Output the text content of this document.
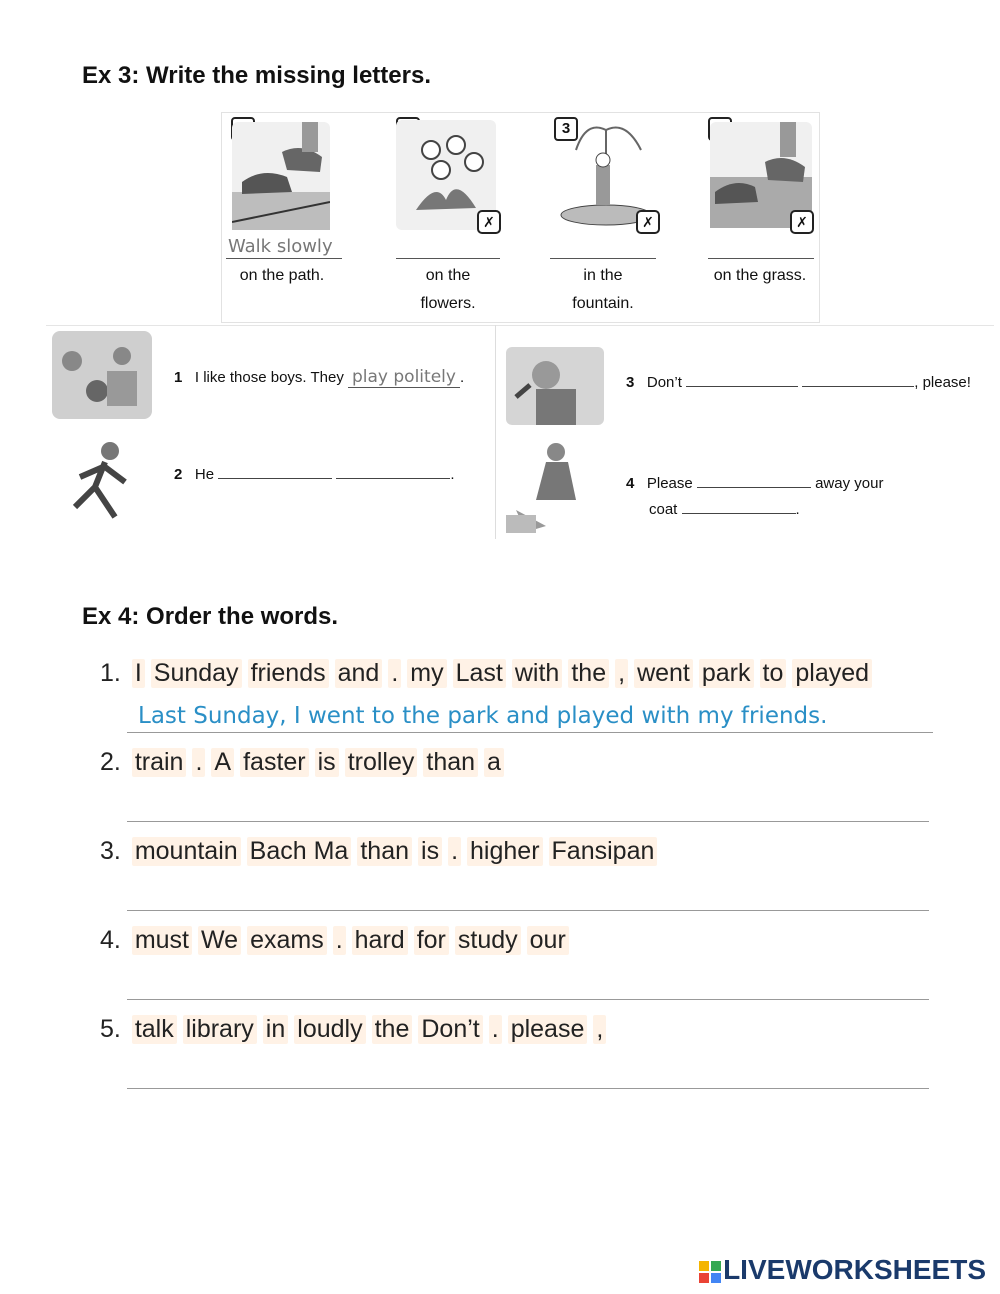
Ex 3: Write the missing letters.
Walk slowly
on the path.
✗
on the
flowers.
3
✗
in the
fountain.
✗
on the grass.
1 I like those boys. They play politely .
2 He	.
3 Don’t	, please!
4 Please	away your
coat	.
Ex 4: Order the words.
1. I Sunday friends and . my Last with the , went park to played
Last Sunday, I went to the park and played with my friends.
2. train . A faster is trolley than a
3. mountain Bach Ma than is . higher Fansipan
4. must We exams . hard for study our
5. talk library in loudly the Don’t . please ,
LIVEWORKSHEETS
